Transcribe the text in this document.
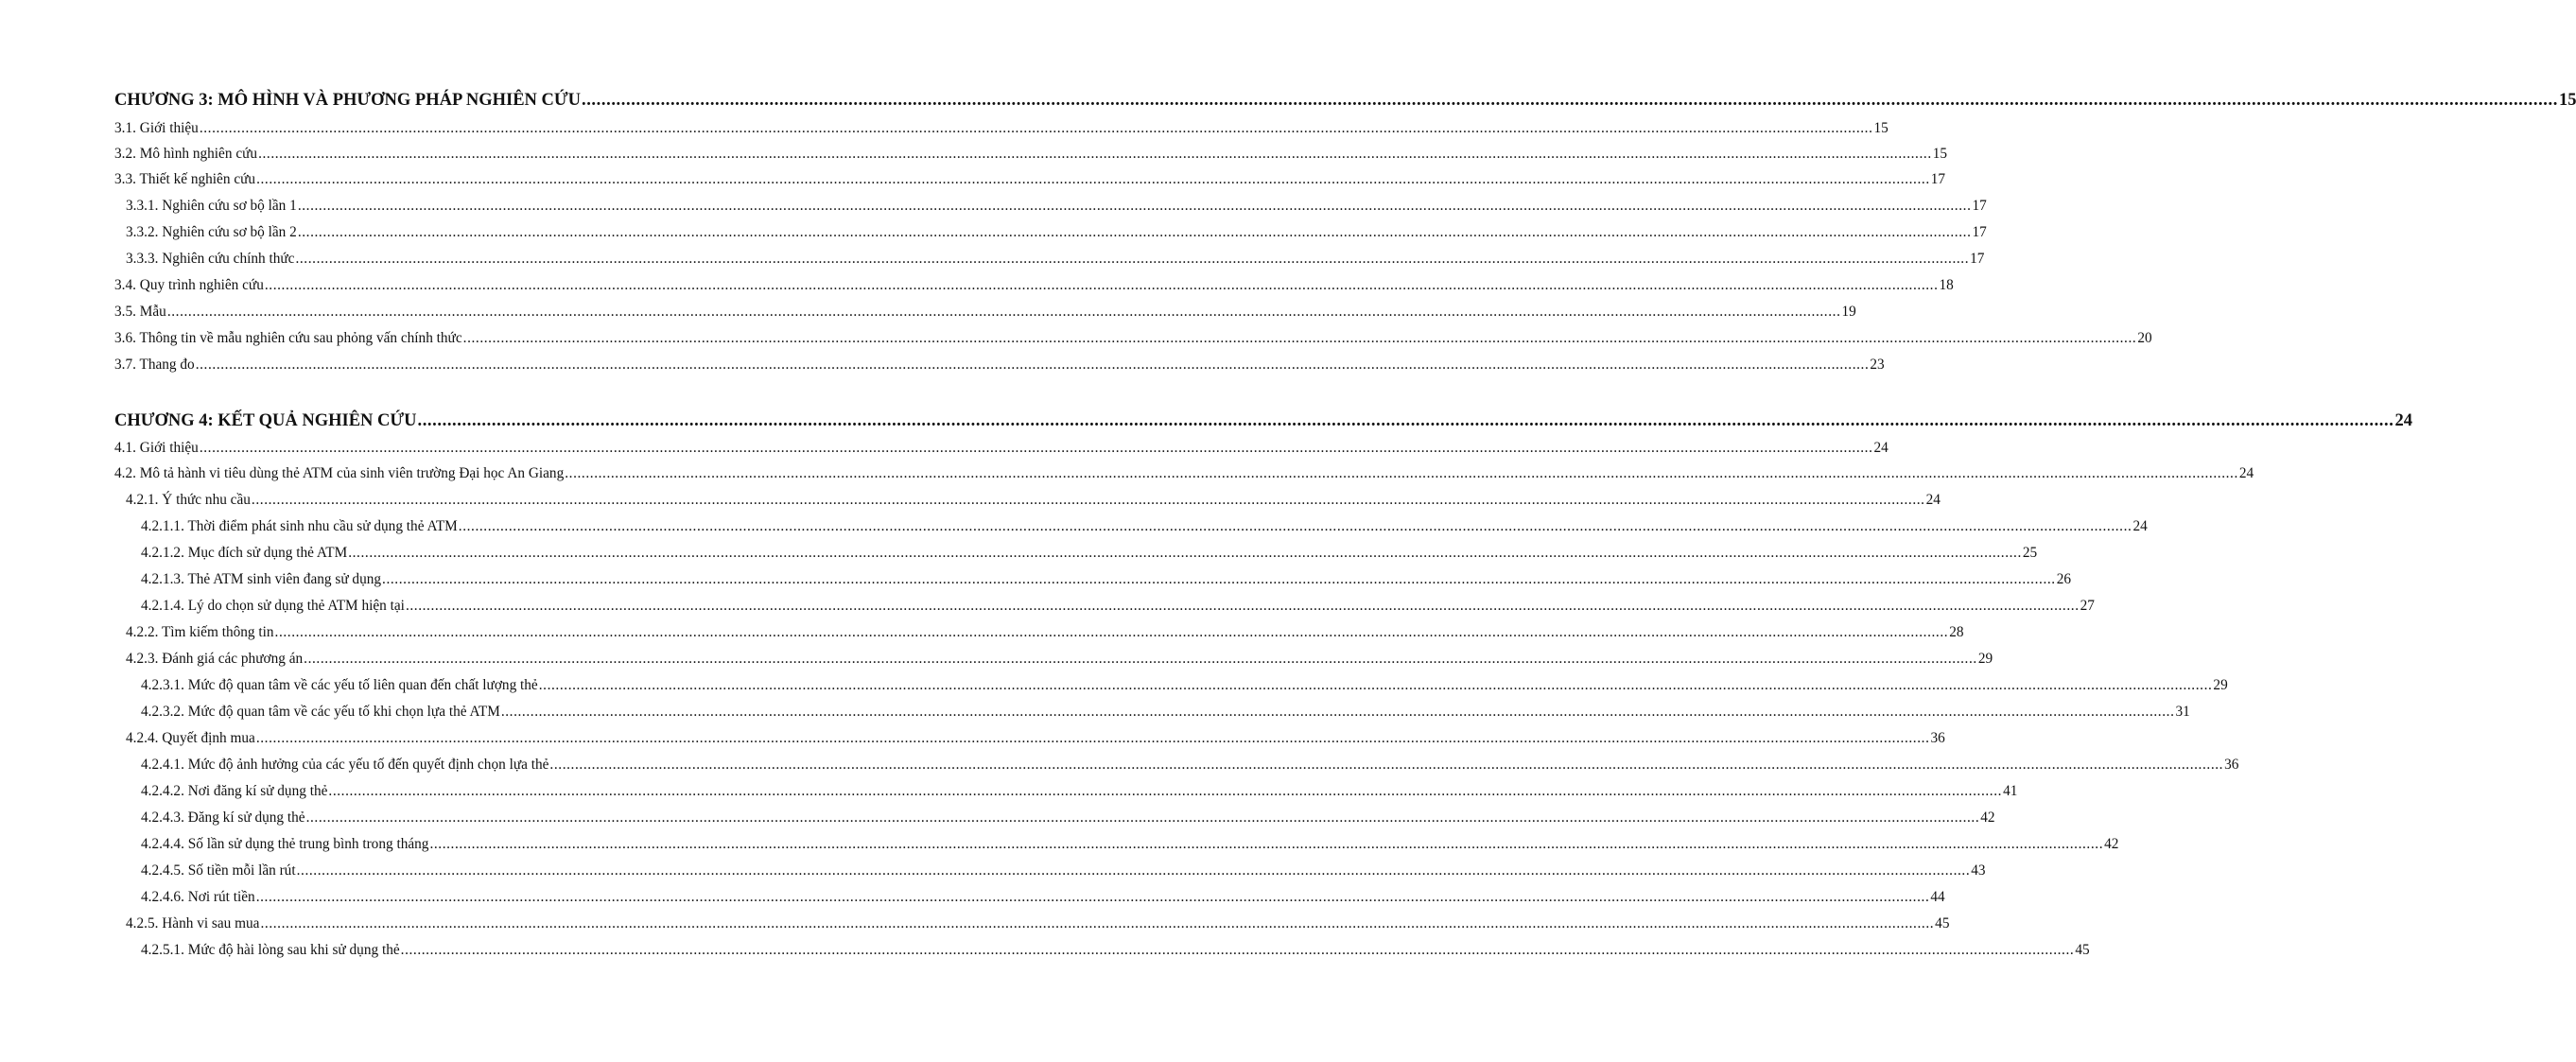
CHƯƠNG 3: MÔ HÌNH VÀ PHƯƠNG PHÁP NGHIÊN CỨU ................................................................................................................................................................................................................................................................................................................................................................................................................ 15
3.1. Giới thiệu ................................................................................................................................................................................................................................................................................................................................................................................................................ 15
3.2. Mô hình nghiên cứu ................................................................................................................................................................................................................................................................................................................................................................................................................ 15
3.3. Thiết kế nghiên cứu ................................................................................................................................................................................................................................................................................................................................................................................................................ 17
3.3.1. Nghiên cứu sơ bộ lần 1 ................................................................................................................................................................................................................................................................................................................................................................................................................ 17
3.3.2. Nghiên cứu sơ bộ lần 2 ................................................................................................................................................................................................................................................................................................................................................................................................................ 17
3.3.3. Nghiên cứu chính thức ................................................................................................................................................................................................................................................................................................................................................................................................................ 17
3.4. Quy trình nghiên cứu ................................................................................................................................................................................................................................................................................................................................................................................................................ 18
3.5. Mẫu ................................................................................................................................................................................................................................................................................................................................................................................................................ 19
3.6. Thông tin về mẫu nghiên cứu sau phỏng vấn chính thức ................................................................................................................................................................................................................................................................................................................................................................................................................ 20
3.7. Thang đo ................................................................................................................................................................................................................................................................................................................................................................................................................ 23
CHƯƠNG 4: KẾT QUẢ NGHIÊN CỨU ................................................................................................................................................................................................................................................................................................................................................................................................................ 24
4.1. Giới thiệu ................................................................................................................................................................................................................................................................................................................................................................................................................ 24
4.2. Mô tả hành vi tiêu dùng thẻ ATM của sinh viên trường Đại học An Giang ................................................................................................................................................................................................................................................................................................................................................................................................................ 24
4.2.1. Ý thức nhu cầu ................................................................................................................................................................................................................................................................................................................................................................................................................ 24
4.2.1.1. Thời điểm phát sinh nhu cầu sử dụng thẻ ATM ................................................................................................................................................................................................................................................................................................................................................................................................................ 24
4.2.1.2. Mục đích sử dụng thẻ ATM ................................................................................................................................................................................................................................................................................................................................................................................................................ 25
4.2.1.3. Thẻ ATM sinh viên đang sử dụng ................................................................................................................................................................................................................................................................................................................................................................................................................ 26
4.2.1.4. Lý do chọn sử dụng thẻ ATM hiện tại ................................................................................................................................................................................................................................................................................................................................................................................................................ 27
4.2.2. Tìm kiếm thông tin ................................................................................................................................................................................................................................................................................................................................................................................................................ 28
4.2.3. Đánh giá các phương án ................................................................................................................................................................................................................................................................................................................................................................................................................ 29
4.2.3.1. Mức độ quan tâm về các yếu tố liên quan đến chất lượng thẻ ................................................................................................................................................................................................................................................................................................................................................................................................................ 29
4.2.3.2. Mức độ quan tâm về các yếu tố khi chọn lựa thẻ ATM ................................................................................................................................................................................................................................................................................................................................................................................................................ 31
4.2.4. Quyết định mua ................................................................................................................................................................................................................................................................................................................................................................................................................ 36
4.2.4.1. Mức độ ảnh hưởng của các yếu tố đến quyết định chọn lựa thẻ ................................................................................................................................................................................................................................................................................................................................................................................................................ 36
4.2.4.2. Nơi đăng kí sử dụng thẻ ................................................................................................................................................................................................................................................................................................................................................................................................................ 41
4.2.4.3. Đăng kí sử dụng thẻ ................................................................................................................................................................................................................................................................................................................................................................................................................ 42
4.2.4.4. Số lần sử dụng thẻ trung bình trong tháng ................................................................................................................................................................................................................................................................................................................................................................................................................ 42
4.2.4.5. Số tiền mỗi lần rút ................................................................................................................................................................................................................................................................................................................................................................................................................ 43
4.2.4.6. Nơi rút tiền ................................................................................................................................................................................................................................................................................................................................................................................................................ 44
4.2.5. Hành vi sau mua ................................................................................................................................................................................................................................................................................................................................................................................................................ 45
4.2.5.1. Mức độ hài lòng sau khi sử dụng thẻ ................................................................................................................................................................................................................................................................................................................................................................................................................ 45
